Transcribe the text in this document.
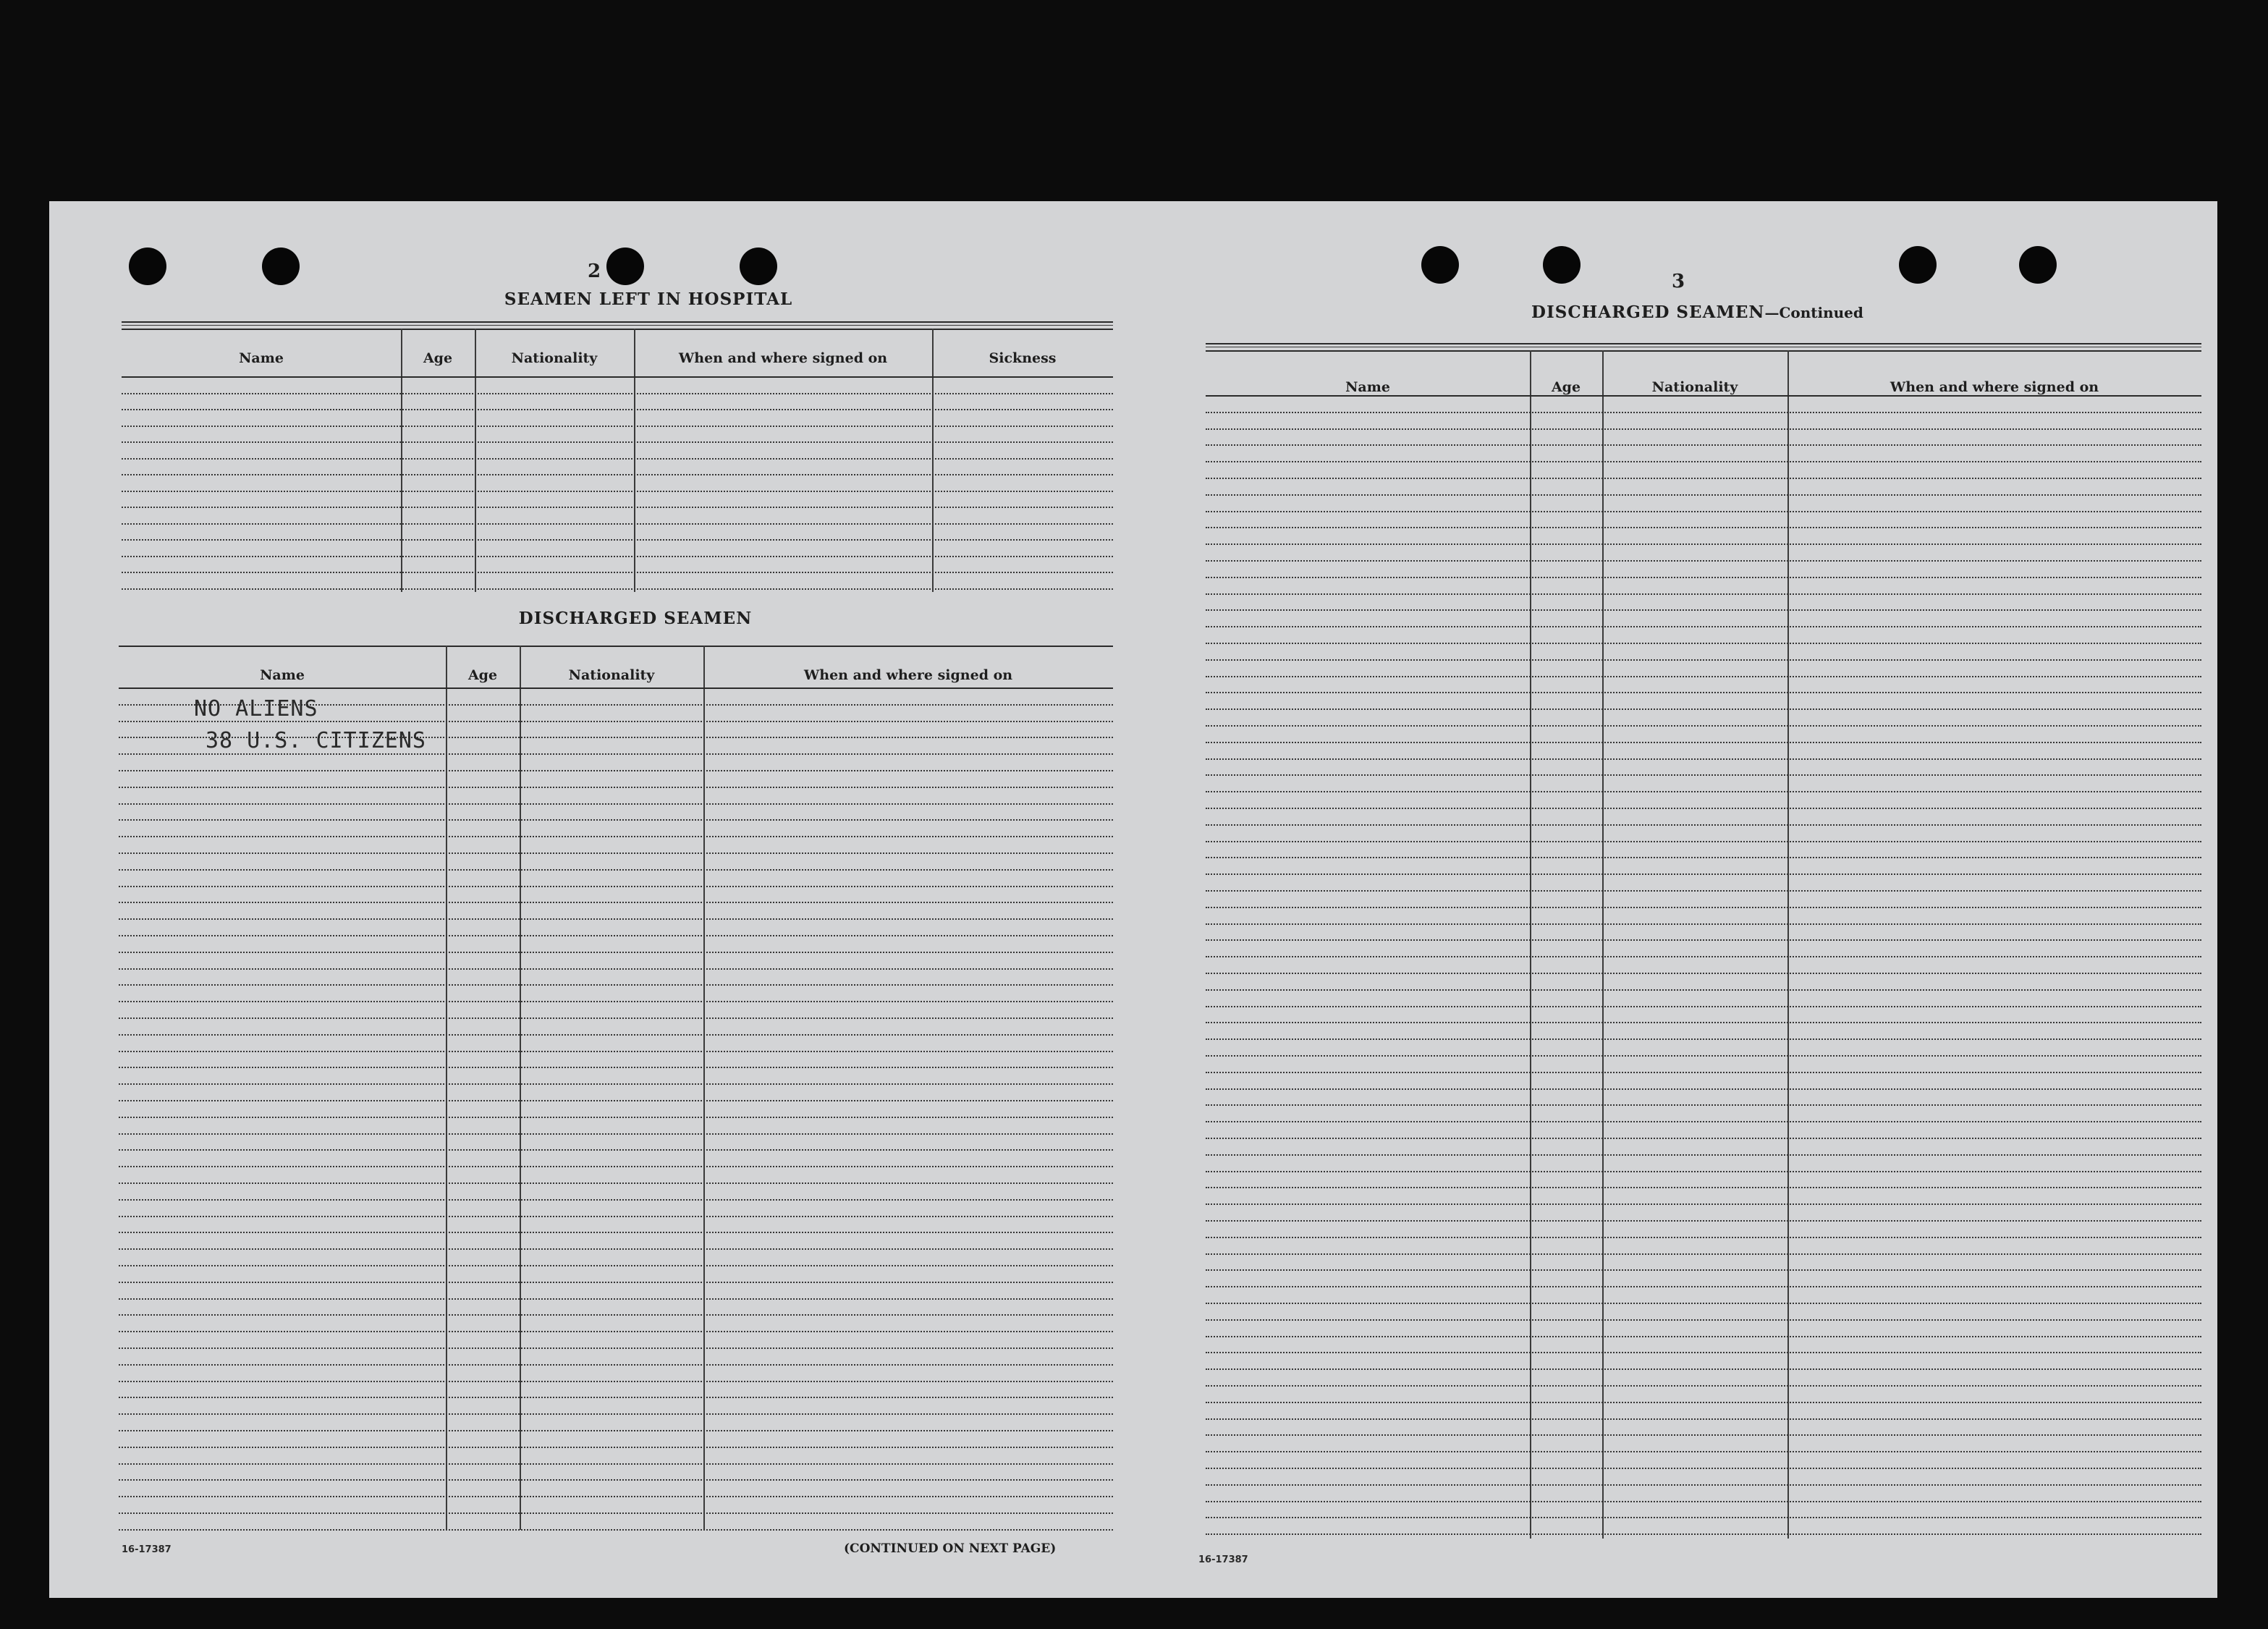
2
SEAMEN LEFT IN HOSPITAL
Name	Age	Nationality	When and where signed on	Sickness
DISCHARGED SEAMEN
Name	Age	Nationality	When and where signed on
NO ALIENS
38 U.S. CITIZENS
16-17387	(CONTINUED ON NEXT PAGE)
3
DISCHARGED SEAMEN—Continued
Name	Age	Nationality	When and where signed on
16-17387
